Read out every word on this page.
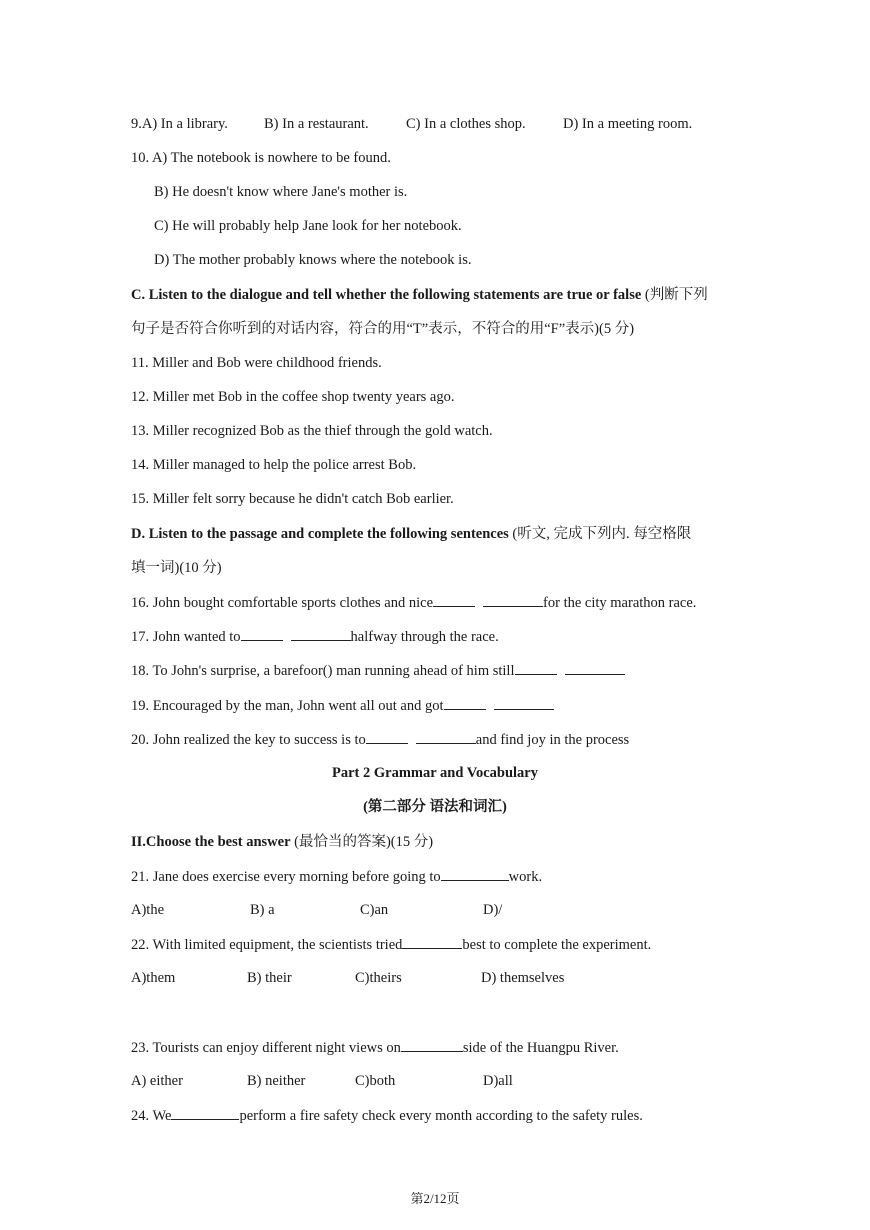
9.A) In a library. B) In a restaurant.	C) In a clothes shop.	D) In a meeting room.
10. A) The notebook is nowhere to be found.
B) He doesn't know where Jane's mother is.
C) He will probably help Jane look for her notebook.
D) The mother probably knows where the notebook is.
C. Listen to the dialogue and tell whether the following statements are true or false (判断下列
句子是否符合你听到的对话内容，符合的用“T”表示，不符合的用“F”表示)(5 分)
11. Miller and Bob were childhood friends.
12. Miller met Bob in the coffee shop twenty years ago.
13. Miller recognized Bob as the thief through the gold watch.
14. Miller managed to help the police arrest Bob.
15. Miller felt sorry because he didn't catch Bob earlier.
D. Listen to the passage and complete the following sentences (听文, 完成下列内. 每空格限
填一词)(10 分)
16. John bought comfortable sports clothes and nice	for the city marathon race.
17. John wanted to	halfway through the race.
18. To John's surprise, a barefoor() man running ahead of him still
19. Encouraged by the man, John went all out and got
20. John realized the key to success is to	and find joy in the process
Part 2 Grammar and Vocabulary
(第二部分 语法和词汇)
II.Choose the best answer (最恰当的答案)(15 分)
21. Jane does exercise every morning before going to	work.
A)the	B) a	C)an	D)/
22. With limited equipment, the scientists tried	best to complete the experiment.
A)them	B) their	C)theirs	D) themselves
23. Tourists can enjoy different night views on	side of the Huangpu River.
A) either	B) neither	C)both	D)all
24. We	perform a fire safety check every month according to the safety rules.
第2/12页
